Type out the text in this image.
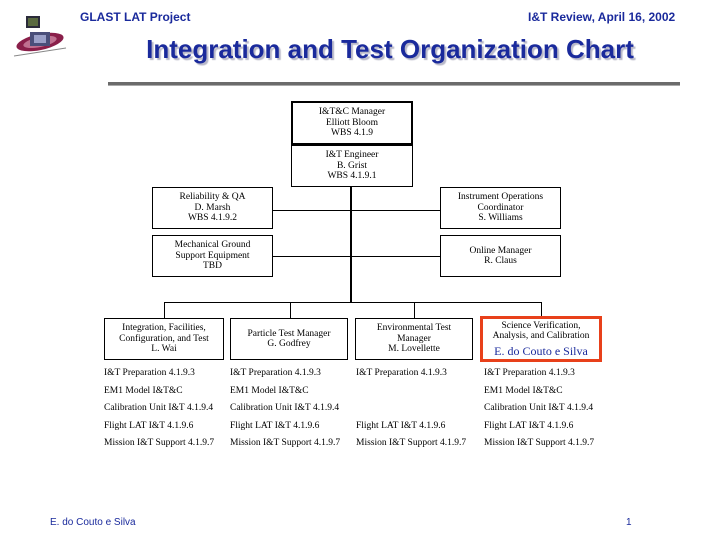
GLAST LAT Project	I&T Review, April 16, 2002
Integration and Test Organization Chart
I&T&C Manager
Elliott Bloom
WBS 4.1.9
I&T Engineer
B. Grist
WBS 4.1.9.1
Reliability & QA
D. Marsh
WBS 4.1.9.2
Instrument Operations
Coordinator
S. Williams
Mechanical Ground
Support Equipment
TBD
Online Manager
R. Claus
Integration, Facilities,
Configuration, and Test
L. Wai
Particle Test Manager
G. Godfrey
Environmental Test
Manager
M. Lovellette
Science Verification,
Analysis, and Calibration
E. do Couto e Silva
I&T Preparation 4.1.9.3
EM1 Model I&T&C
Calibration Unit I&T 4.1.9.4
Flight LAT I&T 4.1.9.6
Mission I&T Support 4.1.9.7
I&T Preparation 4.1.9.3
EM1 Model I&T&C
Calibration Unit I&T 4.1.9.4
Flight LAT I&T 4.1.9.6
Mission I&T Support 4.1.9.7
I&T Preparation 4.1.9.3
Flight LAT I&T 4.1.9.6
Mission I&T Support 4.1.9.7
I&T Preparation 4.1.9.3
EM1 Model I&T&C
Calibration Unit I&T 4.1.9.4
Flight LAT I&T 4.1.9.6
Mission I&T Support 4.1.9.7
E. do Couto e Silva	1
